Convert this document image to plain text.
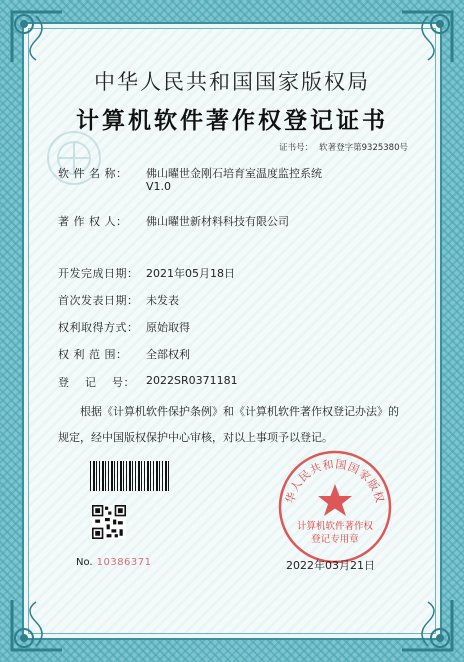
中华人民共和国国家版权局
计算机软件著作权登记证书
证书号： 软著登字第9325380号
软 件 名 称：	佛山曜世金刚石培育室温度监控系统
V1.0
著 作 权 人：	佛山曜世新材料科技有限公司
开发完成日期： 2021年05月18日
首次发表日期： 未发表
权利取得方式： 原始取得
权 利 范 围：	全部权利
登　 记　 号：	2022SR0371181
根据《计算机软件保护条例》和《计算机软件著作权登记办法》的
规定，经中国版权保护中心审核，对以上事项予以登记。
No. 10386371
华人民共和国国家版权
计算机软件著作权
登记专用章
2022年03月21日
